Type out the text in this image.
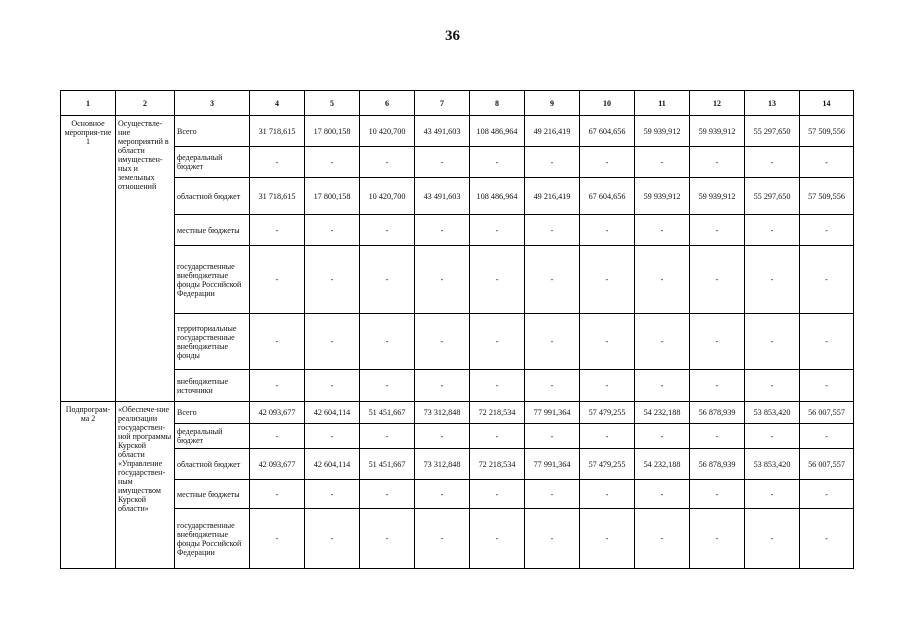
36
1	2	3	4	5	6	7	8	9	10	11	12	13	14
Основное мероприя-тие 1	Осуществле-ние мероприятий в области имуществен-ных и земельных отношений	Всего	31 718,615	17 800,158	10 420,700	43 491,603	108 486,964	49 216,419	67 604,656	59 939,912	59 939,912	55 297,650	57 509,556
		федеральный бюджет	-	-	-	-	-	-	-	-	-	-	-
		областной бюджет	31 718,615	17 800,158	10 420,700	43 491,603	108 486,964	49 216,419	67 604,656	59 939,912	59 939,912	55 297,650	57 509,556
		местные бюджеты	-	-	-	-	-	-	-	-	-	-	-
		государственные внебюджетные фонды Российской Федерации	-	-	-	-	-	-	-	-	-	-	-
		территориальные государственные внебюджетные фонды	-	-	-	-	-	-	-	-	-	-	-
		внебюджетные источники	-	-	-	-	-	-	-	-	-	-	-
Подпрограм-ма 2	«Обеспече-ние реализации государствен-ной программы Курской области «Управление государствен-ным имуществом Курской области»	Всего	42 093,677	42 604,114	51 451,667	73 312,848	72 218,534	77 991,364	57 479,255	54 232,188	56 878,939	53 853,420	56 007,557
		федеральный бюджет	-	-	-	-	-	-	-	-	-	-	-
		областной бюджет	42 093,677	42 604,114	51 451,667	73 312,848	72 218,534	77 991,364	57 479,255	54 232,188	56 878,939	53 853,420	56 007,557
		местные бюджеты	-	-	-	-	-	-	-	-	-	-	-
		государственные внебюджетные фонды Российской Федерации	-	-	-	-	-	-	-	-	-	-	-
